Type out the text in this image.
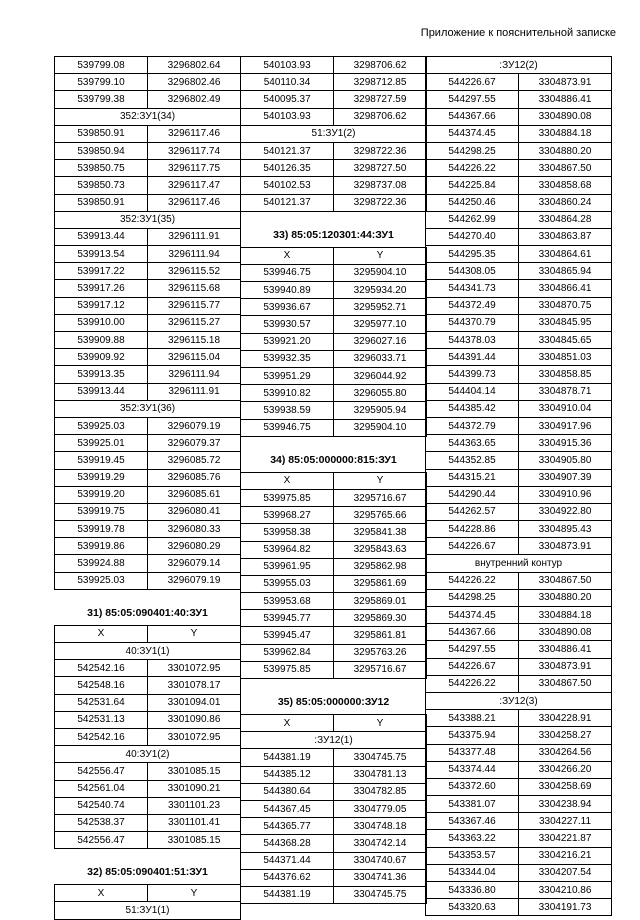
Приложение к пояснительной записке
539799.08	3296802.64
539799.10	3296802.46
539799.38	3296802.49
352:ЗУ1(34)	
539850.91	3296117.46
539850.94	3296117.74
539850.75	3296117.75
539850.73	3296117.47
539850.91	3296117.46
352:ЗУ1(35)	
539913.44	3296111.91
539913.54	3296111.94
539917.22	3296115.52
539917.26	3296115.68
539917.12	3296115.77
539910.00	3296115.27
539909.88	3296115.18
539909.92	3296115.04
539913.35	3296111.94
539913.44	3296111.91
352:ЗУ1(36)	
539925.03	3296079.19
539925.01	3296079.37
539919.45	3296085.72
539919.29	3296085.76
539919.20	3296085.61
539919.75	3296080.41
539919.78	3296080.33
539919.86	3296080.29
539924.88	3296079.14
539925.03	3296079.19
31) 85:05:090401:40:ЗУ1
X	Y
40:ЗУ1(1)	
542542.16	3301072.95
542548.16	3301078.17
542531.64	3301094.01
542531.13	3301090.86
542542.16	3301072.95
40:ЗУ1(2)	
542556.47	3301085.15
542561.04	3301090.21
542540.74	3301101.23
542538.37	3301101.41
542556.47	3301085.15
32) 85:05:090401:51:ЗУ1
X	Y
51:ЗУ1(1)
540103.93	3298706.62
540110.34	3298712.85
540095.37	3298727.59
540103.93	3298706.62
51:ЗУ1(2)	
540121.37	3298722.36
540126.35	3298727.50
540102.53	3298737.08
540121.37	3298722.36
33) 85:05:120301:44:ЗУ1
X	Y
539946.75	3295904.10
539940.89	3295934.20
539936.67	3295952.71
539930.57	3295977.10
539921.20	3296027.16
539932.35	3296033.71
539951.29	3296044.92
539910.82	3296055.80
539938.59	3295905.94
539946.75	3295904.10
34) 85:05:000000:815:ЗУ1
X	Y
539975.85	3295716.67
539968.27	3295765.66
539958.38	3295841.38
539964.82	3295843.63
539961.95	3295862.98
539955.03	3295861.69
539953.68	3295869.01
539945.77	3295869.30
539945.47	3295861.81
539962.84	3295763.26
539975.85	3295716.67
35) 85:05:000000:ЗУ12
X	Y
:ЗУ12(1)	
544381.19	3304745.75
544385.12	3304781.13
544380.64	3304782.85
544367.45	3304779.05
544365.77	3304748.18
544368.28	3304742.14
544371.44	3304740.67
544376.62	3304741.36
544381.19	3304745.75
:ЗУ12(2)	
544226.67	3304873.91
544297.55	3304886.41
544367.66	3304890.08
544374.45	3304884.18
544298.25	3304880.20
544226.22	3304867.50
544225.84	3304858.68
544250.46	3304860.24
544262.99	3304864.28
544270.40	3304863.87
544295.35	3304864.61
544308.05	3304865.94
544341.73	3304866.41
544372.49	3304870.75
544370.79	3304845.95
544378.03	3304845.65
544391.44	3304851.03
544399.73	3304858.85
544404.14	3304878.71
544385.42	3304910.04
544372.79	3304917.96
544363.65	3304915.36
544352.85	3304905.80
544315.21	3304907.39
544290.44	3304910.96
544262.57	3304922.80
544228.86	3304895.43
544226.67	3304873.91
внутренний контур	
544226.22	3304867.50
544298.25	3304880.20
544374.45	3304884.18
544367.66	3304890.08
544297.55	3304886.41
544226.67	3304873.91
544226.22	3304867.50
:ЗУ12(3)	
543388.21	3304228.91
543375.94	3304258.27
543377.48	3304264.56
543374.44	3304266.20
543372.60	3304258.69
543381.07	3304238.94
543367.46	3304227.11
543363.22	3304221.87
543353.57	3304216.21
543344.04	3304207.54
543336.80	3304210.86
543320.63	3304191.73
